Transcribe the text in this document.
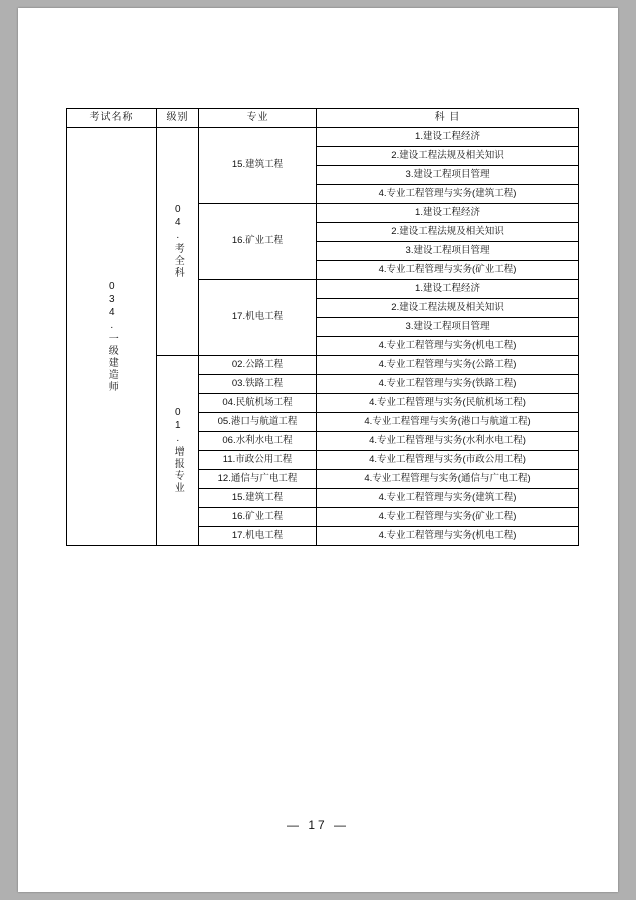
考试名称	级别	专业	科 目

034.一级建造师	04.考全科	15.建筑工程	1.建设工程经济
			2.建设工程法规及相关知识
			3.建设工程项目管理
			4.专业工程管理与实务(建筑工程)
		16.矿业工程	1.建设工程经济
			2.建设工程法规及相关知识
			3.建设工程项目管理
			4.专业工程管理与实务(矿业工程)
		17.机电工程	1.建设工程经济
			2.建设工程法规及相关知识
			3.建设工程项目管理
			4.专业工程管理与实务(机电工程)

	01.增报专业	02.公路工程	4.专业工程管理与实务(公路工程)
		03.铁路工程	4.专业工程管理与实务(铁路工程)
		04.民航机场工程	4.专业工程管理与实务(民航机场工程)
		05.港口与航道工程	4.专业工程管理与实务(港口与航道工程)
		06.水利水电工程	4.专业工程管理与实务(水利水电工程)
		11.市政公用工程	4.专业工程管理与实务(市政公用工程)
		12.通信与广电工程	4.专业工程管理与实务(通信与广电工程)
		15.建筑工程	4.专业工程管理与实务(建筑工程)
		16.矿业工程	4.专业工程管理与实务(矿业工程)
		17.机电工程	4.专业工程管理与实务(机电工程)
— 17 —
